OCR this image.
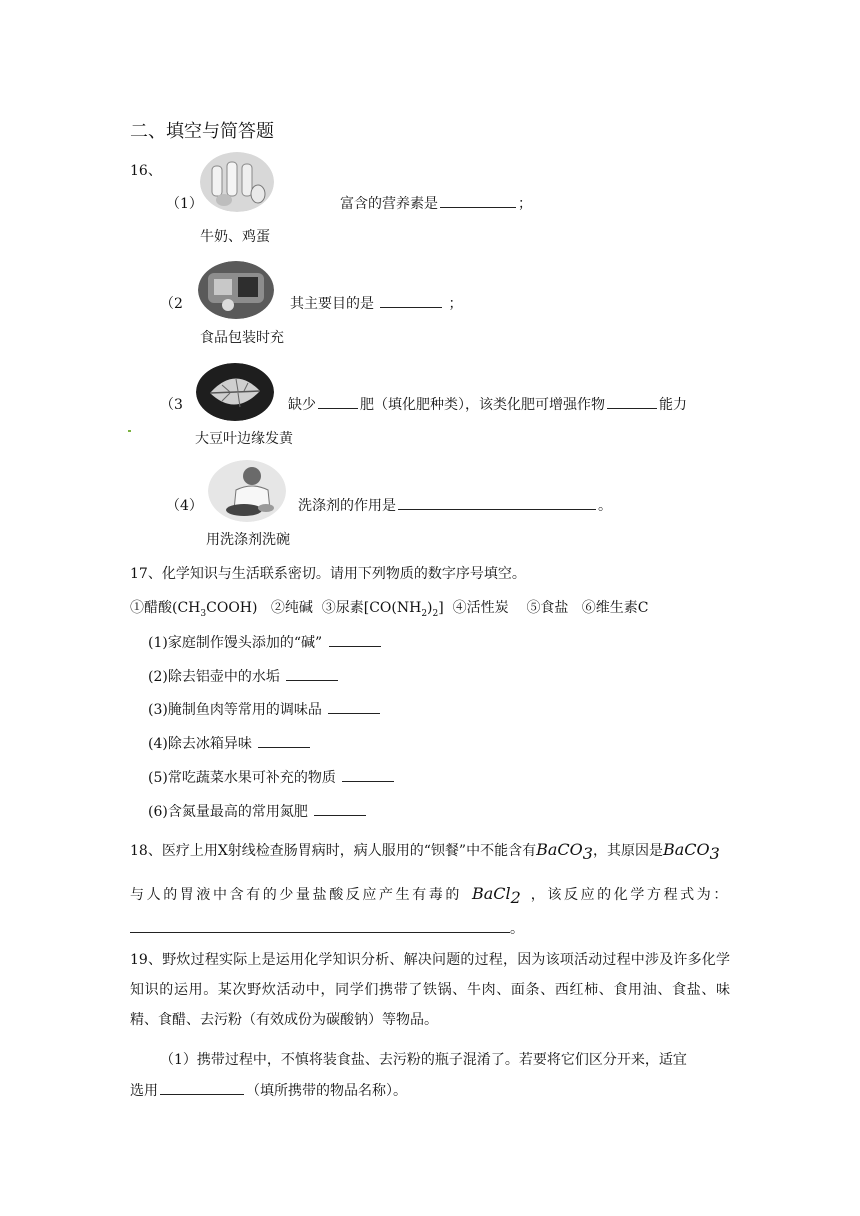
二、填空与简答题
16、
（1）	富含的营养素是	；
牛奶、鸡蛋
（2	其主要目的是	；
食品包装时充
（3	缺少	肥（填化肥种类），该类化肥可增强作物	能力
大豆叶边缘发黄
（4）	洗涤剂的作用是	。
用洗涤剂洗碗
17、化学知识与生活联系密切。请用下列物质的数字序号填空。
①醋酸$(CH_3COOH)$ ②纯碱 ③尿素$[CO(NH_2)_2]$ ④活性炭 ⑤食盐 ⑥维生素C
(1)家庭制作馒头添加的“碱”
(2)除去铝壶中的水垢
(3)腌制鱼肉等常用的调味品
(4)除去冰箱异味
(5)常吃蔬菜水果可补充的物质
(6)含氮量最高的常用氮肥
18、医疗上用X射线检查肠胃病时，病人服用的“钡餐”中不能含有BaCO$_3$，其原因是BaCO$_3$
与人的胃液中含有的少量盐酸反应产生有毒的 BaCl$_2$ ，该反应的化学方程式为：
。
19、野炊过程实际上是运用化学知识分析、解决问题的过程，因为该项活动过程中涉及许多化学知识的运用。某次野炊活动中，同学们携带了铁锅、牛肉、面条、西红柿、食用油、食盐、味精、食醋、去污粉（有效成份为碳酸钠）等物品。
（1）携带过程中，不慎将装食盐、去污粉的瓶子混淆了。若要将它们区分开来，适宜
选用	（填所携带的物品名称）。
